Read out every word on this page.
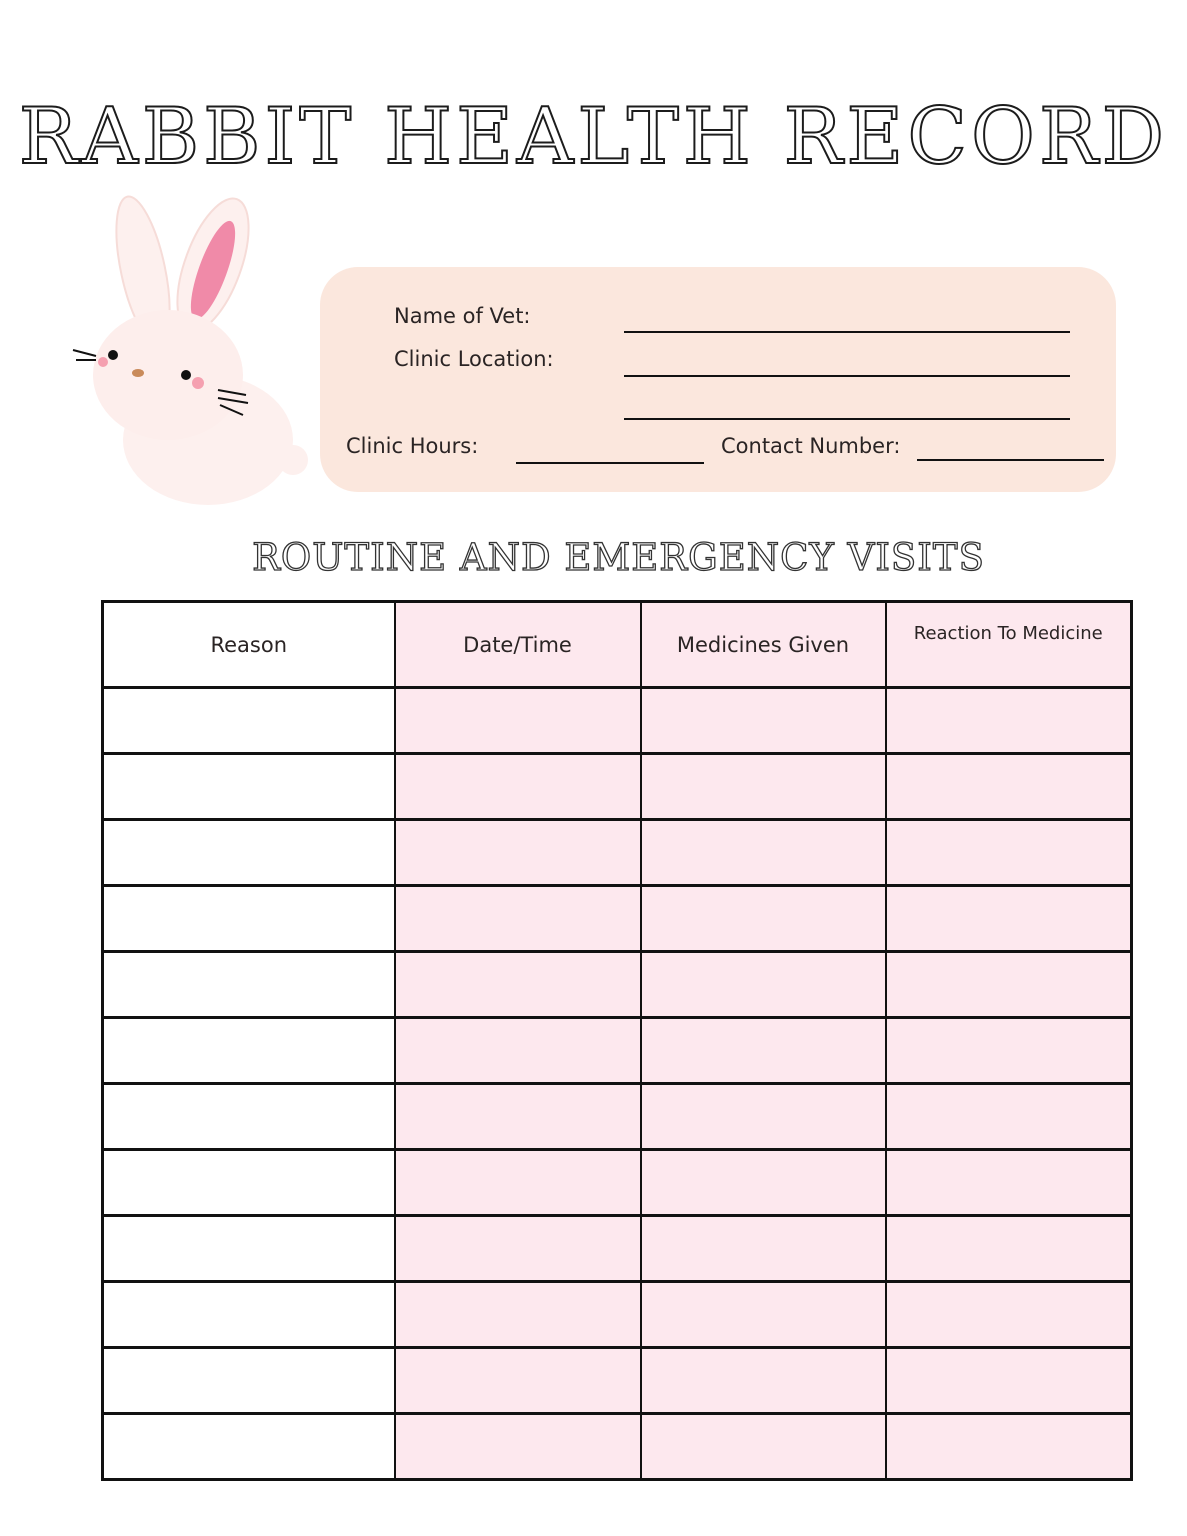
RABBIT HEALTH RECORD
Name of Vet:
Clinic Location:
Clinic Hours:	Contact Number:
ROUTINE AND EMERGENCY VISITS
Reason	Date/Time	Medicines Given	Reaction To Medicine
